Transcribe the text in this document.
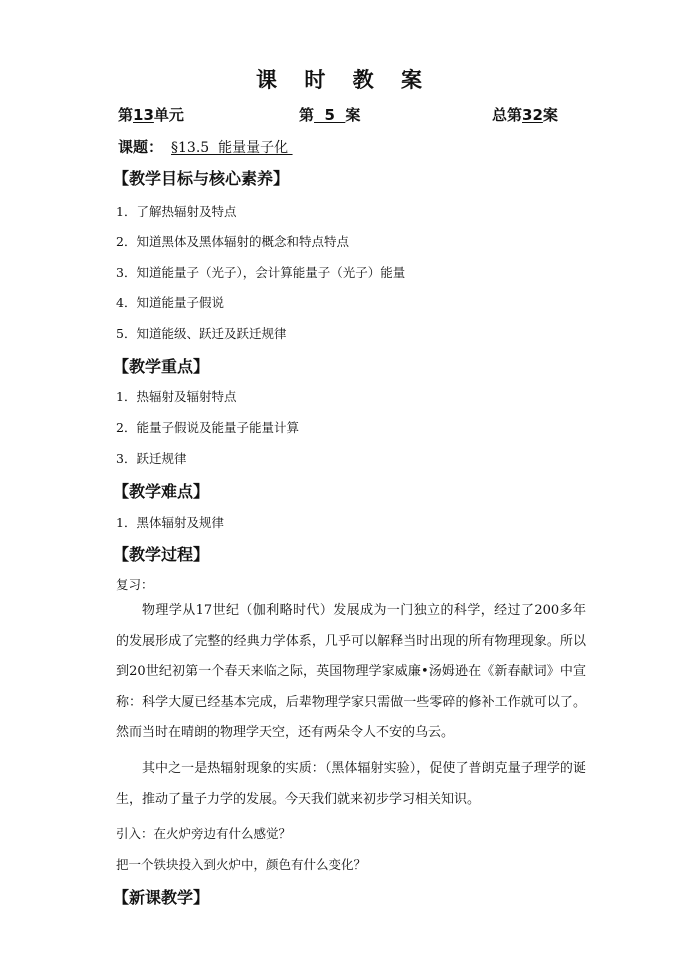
课 时 教 案
第13单元	第  5  案	总第32案
课题： §13.5  能量量子化
【教学目标与核心素养】
1．了解热辐射及特点
2．知道黑体及黑体辐射的概念和特点特点
3．知道能量子（光子），会计算能量子（光子）能量
4．知道能量子假说
5．知道能级、跃迁及跃迁规律
【教学重点】
1．热辐射及辐射特点
2．能量子假说及能量子能量计算
3．跃迁规律
【教学难点】
1．黑体辐射及规律
【教学过程】
复习：

物理学从17世纪（伽利略时代）发展成为一门独立的科学，经过了200多年的发展形成了完整的经典力学体系，几乎可以解释当时出现的所有物理现象。所以到20世纪初第一个春天来临之际，英国物理学家威廉•汤姆逊在《新春献词》中宣称：科学大厦已经基本完成，后辈物理学家只需做一些零碎的修补工作就可以了。然而当时在晴朗的物理学天空，还有两朵令人不安的乌云。

其中之一是热辐射现象的实质：（黑体辐射实验），促使了普朗克量子理学的诞生，推动了量子力学的发展。今天我们就来初步学习相关知识。

引入：在火炉旁边有什么感觉？
把一个铁块投入到火炉中，颜色有什么变化？
【新课教学】
